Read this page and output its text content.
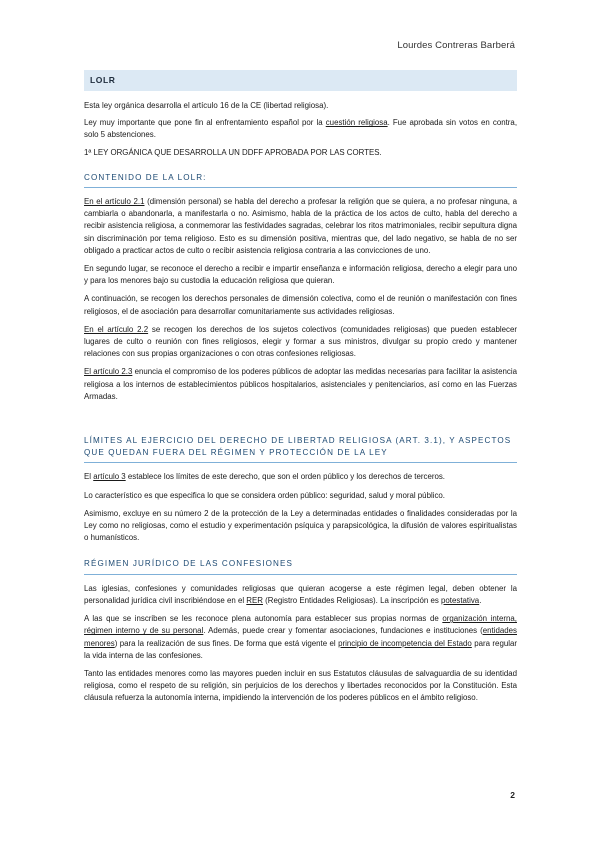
Lourdes Contreras Barberá
LOLR

Esta ley orgánica desarrolla el artículo 16 de la CE (libertad religiosa).

Ley muy importante que pone fin al enfrentamiento español por la cuestión religiosa. Fue aprobada sin votos en contra, solo 5 abstenciones.

1ª LEY ORGÁNICA QUE DESARROLLA UN DDFF APROBADA POR LAS CORTES.

CONTENIDO DE LA LOLR:

En el artículo 2.1 (dimensión personal) se habla del derecho a profesar la religión que se quiera, a no profesar ninguna, a cambiarla o abandonarla, a manifestarla o no. Asimismo, habla de la práctica de los actos de culto, habla del derecho a recibir asistencia religiosa, a conmemorar las festividades sagradas, celebrar los ritos matrimoniales, recibir sepultura digna sin discriminación por tema religioso. Esto es su dimensión positiva, mientras que, del lado negativo, se habla de no ser obligado a practicar actos de culto o recibir asistencia religiosa contraria a las convicciones de uno.

En segundo lugar, se reconoce el derecho a recibir e impartir enseñanza e información religiosa, derecho a elegir para uno y para los menores bajo su custodia la educación religiosa que quieran.

A continuación, se recogen los derechos personales de dimensión colectiva, como el de reunión o manifestación con fines religiosos, el de asociación para desarrollar comunitariamente sus actividades religiosas.

En el artículo 2.2 se recogen los derechos de los sujetos colectivos (comunidades religiosas) que pueden establecer lugares de culto o reunión con fines religiosos, elegir y formar a sus ministros, divulgar su propio credo y mantener relaciones con sus propias organizaciones o con otras confesiones religiosas.

El artículo 2.3 enuncia el compromiso de los poderes públicos de adoptar las medidas necesarias para facilitar la asistencia religiosa a los internos de establecimientos públicos hospitalarios, asistenciales y penitenciarios, así como en las Fuerzas Armadas.

LÍMITES AL EJERCICIO DEL DERECHO DE LIBERTAD RELIGIOSA (ART. 3.1), Y ASPECTOS QUE QUEDAN FUERA DEL RÉGIMEN Y PROTECCIÓN DE LA LEY

El artículo 3 establece los límites de este derecho, que son el orden público y los derechos de terceros.

Lo característico es que especifica lo que se considera orden público: seguridad, salud y moral público.

Asimismo, excluye en su número 2 de la protección de la Ley a determinadas entidades o finalidades consideradas por la Ley como no religiosas, como el estudio y experimentación psíquica y parapsicológica, la difusión de valores espiritualistas o humanísticos.

RÉGIMEN JURÍDICO DE LAS CONFESIONES

Las iglesias, confesiones y comunidades religiosas que quieran acogerse a este régimen legal, deben obtener la personalidad jurídica civil inscribiéndose en el RER (Registro Entidades Religiosas). La inscripción es potestativa.

A las que se inscriben se les reconoce plena autonomía para establecer sus propias normas de organización interna, régimen interno y de su personal. Además, puede crear y fomentar asociaciones, fundaciones e instituciones (entidades menores) para la realización de sus fines. De forma que está vigente el principio de incompetencia del Estado para regular la vida interna de las confesiones.

Tanto las entidades menores como las mayores pueden incluir en sus Estatutos cláusulas de salvaguardia de su identidad religiosa, como el respeto de su religión, sin perjuicios de los derechos y libertades reconocidos por la Constitución. Esta cláusula refuerza la autonomía interna, impidiendo la intervención de los poderes públicos en el ámbito religioso.

2
